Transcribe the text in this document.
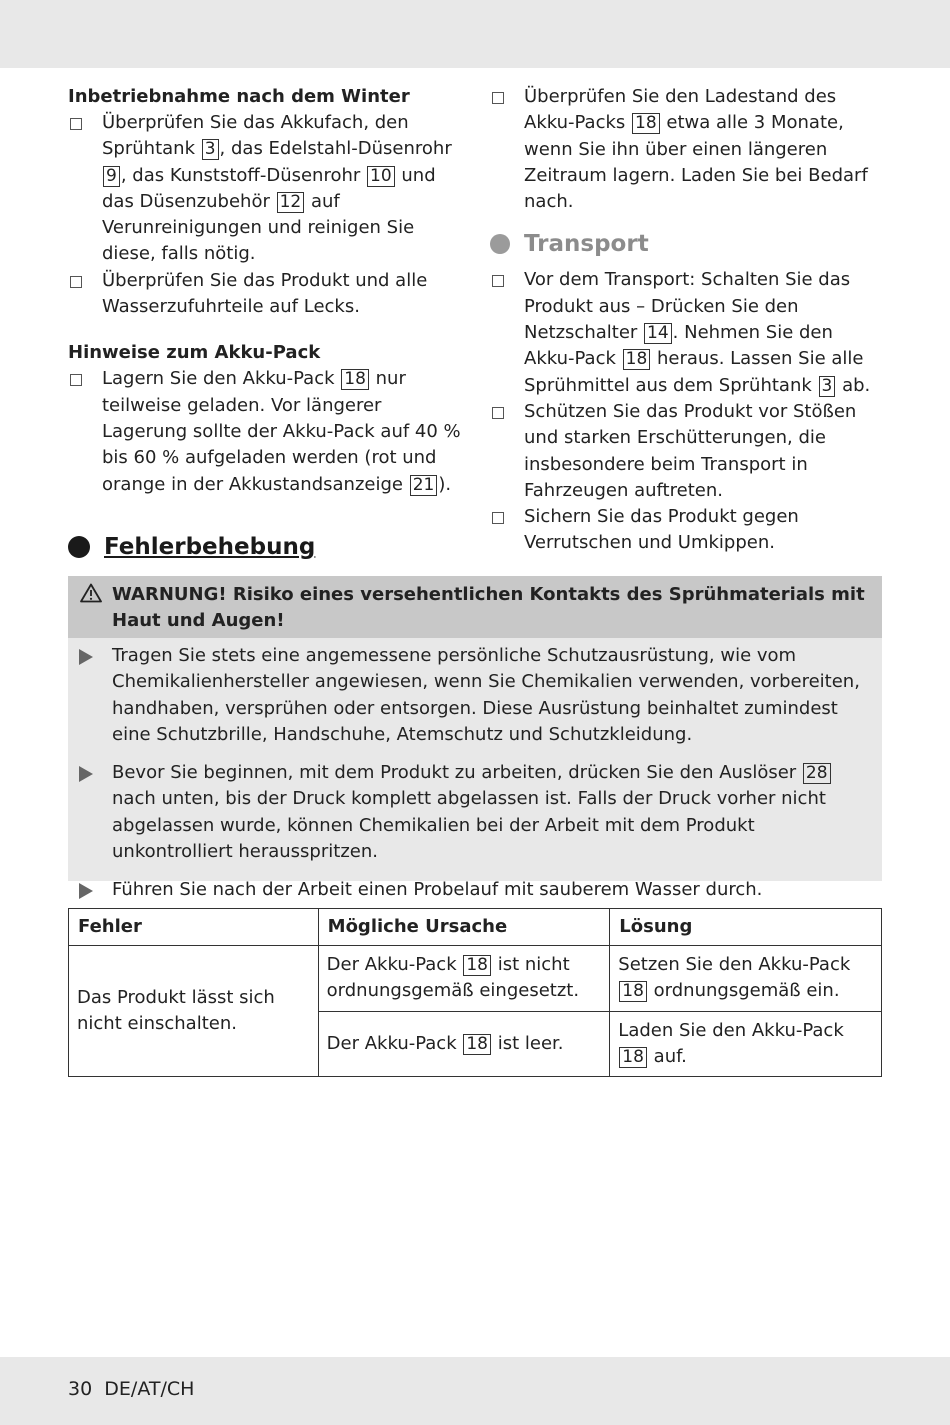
Inbetriebnahme nach dem Winter
Überprüfen Sie das Akkufach, den Sprühtank 3 , das Edelstahl-Düsenrohr 9 , das Kunststoff-Düsenrohr 10 und das Düsenzubehör 12 auf Verunreinigungen und reinigen Sie diese, falls nötig.
Überprüfen Sie das Produkt und alle Wasserzufuhrteile auf Lecks.
Hinweise zum Akku-Pack
Lagern Sie den Akku-Pack 18 nur teilweise geladen. Vor längerer Lagerung sollte der Akku-Pack auf 40 % bis 60 % aufgeladen werden (rot und orange in der Akkustandsanzeige 21 ).
Überprüfen Sie den Ladestand des Akku-Packs 18 etwa alle 3 Monate, wenn Sie ihn über einen längeren Zeitraum lagern. Laden Sie bei Bedarf nach.
Transport
Vor dem Transport: Schalten Sie das Produkt aus – Drücken Sie den Netzschalter 14 . Nehmen Sie den Akku-Pack 18 heraus. Lassen Sie alle Sprühmittel aus dem Sprühtank 3 ab.
Schützen Sie das Produkt vor Stößen und starken Erschütterungen, die insbesondere beim Transport in Fahrzeugen auftreten.
Sichern Sie das Produkt gegen Verrutschen und Umkippen.
Fehlerbehebung
WARNUNG! Risiko eines versehentlichen Kontakts des Sprühmaterials mit Haut und Augen!
Tragen Sie stets eine angemessene persönliche Schutzausrüstung, wie vom Chemikalienhersteller angewiesen, wenn Sie Chemikalien verwenden, vorbereiten, handhaben, versprühen oder entsorgen. Diese Ausrüstung beinhaltet zumindest eine Schutzbrille, Handschuhe, Atemschutz und Schutzkleidung.
Bevor Sie beginnen, mit dem Produkt zu arbeiten, drücken Sie den Auslöser 28 nach unten, bis der Druck komplett abgelassen ist. Falls der Druck vorher nicht abgelassen wurde, können Chemikalien bei der Arbeit mit dem Produkt unkontrolliert herausspritzen.
Führen Sie nach der Arbeit einen Probelauf mit sauberem Wasser durch.
Fehler	Mögliche Ursache	Lösung
Das Produkt lässt sich nicht einschalten.	Der Akku-Pack 18 ist nicht ordnungsgemäß eingesetzt.	Setzen Sie den Akku-Pack 18 ordnungsgemäß ein.
	Der Akku-Pack 18 ist leer.	Laden Sie den Akku-Pack 18 auf.
30 DE/AT/CH
